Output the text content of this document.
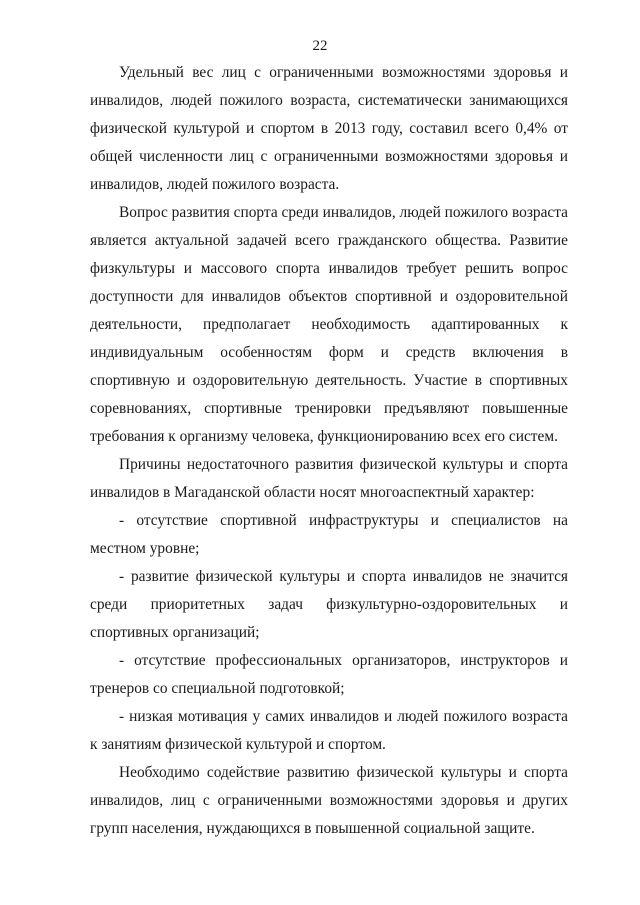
22

Удельный вес лиц с ограниченными возможностями здоровья и инвалидов, людей пожилого возраста, систематически занимающихся физической культурой и спортом в 2013 году, составил всего 0,4% от общей численности лиц с ограниченными возможностями здоровья и инвалидов, людей пожилого возраста.

Вопрос развития спорта среди инвалидов, людей пожилого возраста является актуальной задачей всего гражданского общества. Развитие физкультуры и массового спорта инвалидов требует решить вопрос доступности для инвалидов объектов спортивной и оздоровительной деятельности, предполагает необходимость адаптированных к индивидуальным особенностям форм и средств включения в спортивную и оздоровительную деятельность. Участие в спортивных соревнованиях, спортивные тренировки предъявляют повышенные требования к организму человека, функционированию всех его систем.

Причины недостаточного развития физической культуры и спорта инвалидов в Магаданской области носят многоаспектный характер:

- отсутствие спортивной инфраструктуры и специалистов на местном уровне;

- развитие физической культуры и спорта инвалидов не значится среди приоритетных задач физкультурно-оздоровительных и спортивных организаций;

- отсутствие профессиональных организаторов, инструкторов и тренеров со специальной подготовкой;

- низкая мотивация у самих инвалидов и людей пожилого возраста к занятиям физической культурой и спортом.

Необходимо содействие развитию физической культуры и спорта инвалидов, лиц с ограниченными возможностями здоровья и других групп населения, нуждающихся в повышенной социальной защите.
